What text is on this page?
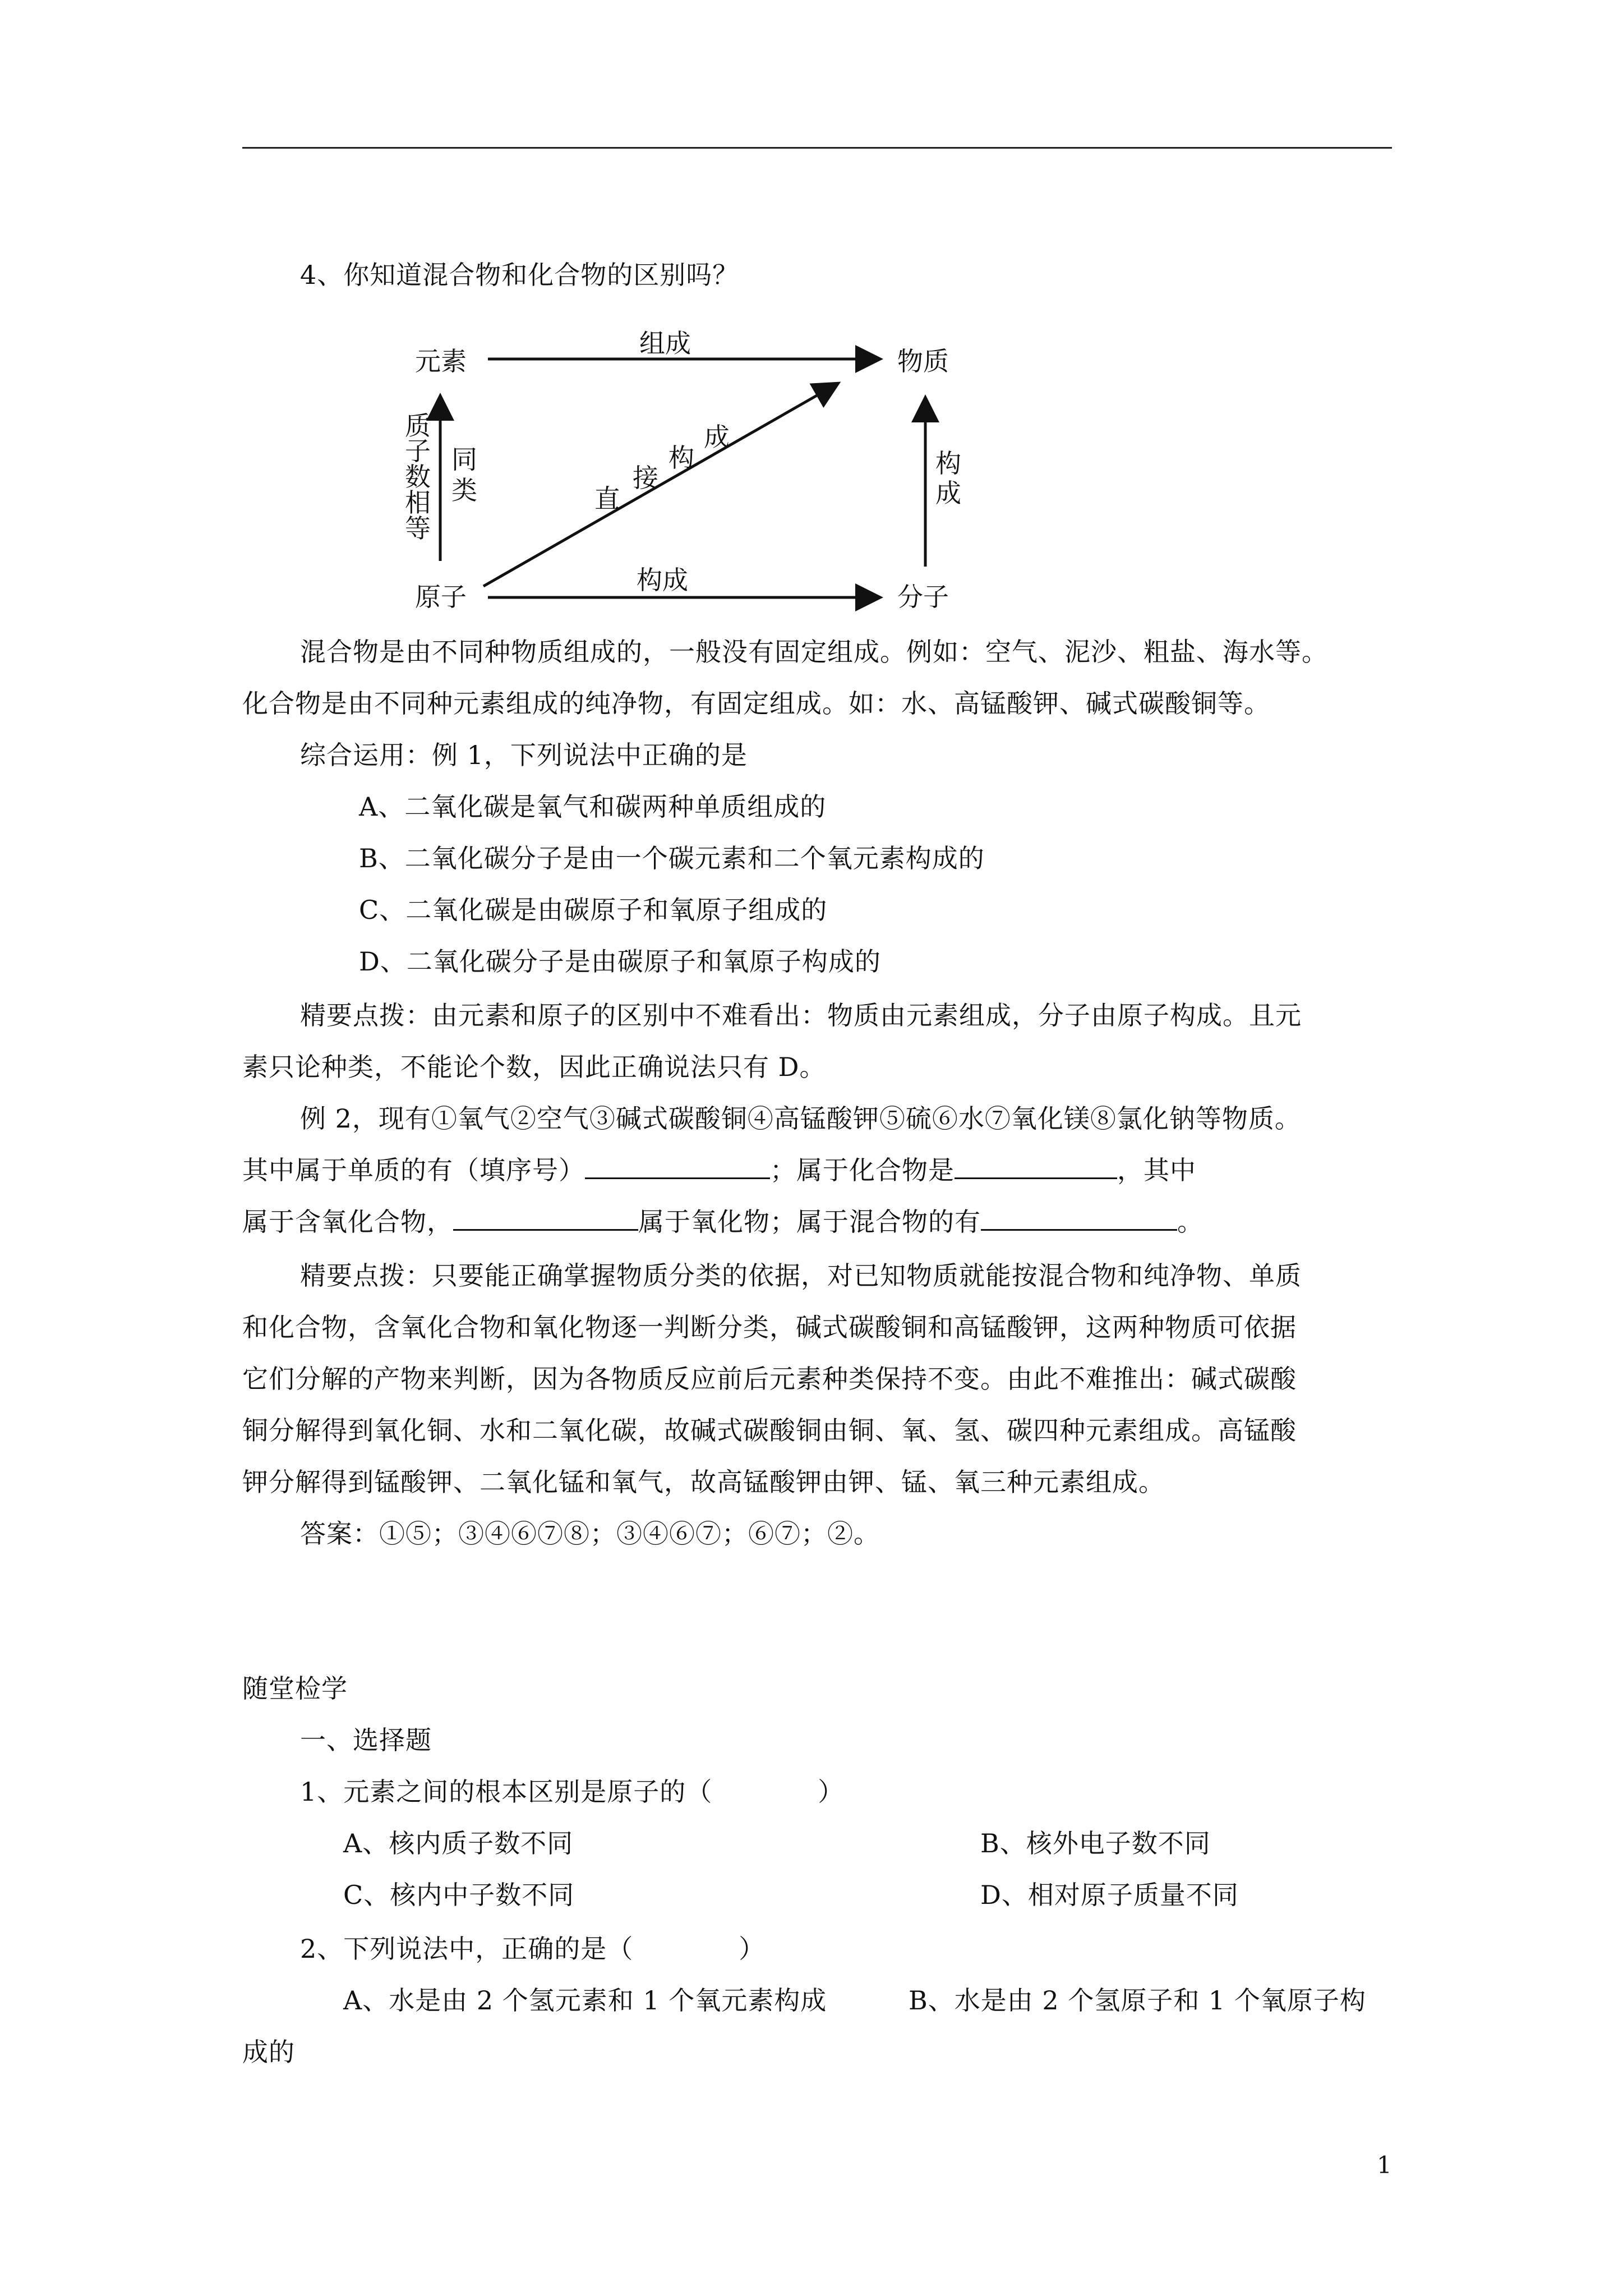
4、你知道混合物和化合物的区别吗？
元素	物质
原子	分子
组成
构成
质
子
数
相
等
同
类
构
成
直
接
构
成
混合物是由不同种物质组成的，一般没有固定组成。例如：空气、泥沙、粗盐、海水等。
化合物是由不同种元素组成的纯净物，有固定组成。如：水、高锰酸钾、碱式碳酸铜等。
综合运用：例 1，下列说法中正确的是
A、二氧化碳是氧气和碳两种单质组成的
B、二氧化碳分子是由一个碳元素和二个氧元素构成的
C、二氧化碳是由碳原子和氧原子组成的
D、二氧化碳分子是由碳原子和氧原子构成的
精要点拨：由元素和原子的区别中不难看出：物质由元素组成，分子由原子构成。且元
素只论种类，不能论个数，因此正确说法只有 D。
例 2，现有①氧气②空气③碱式碳酸铜④高锰酸钾⑤硫⑥水⑦氧化镁⑧氯化钠等物质。
其中属于单质的有（填序号）	；属于化合物是	，其中
属于含氧化合物，	属于氧化物；属于混合物的有	。
精要点拨：只要能正确掌握物质分类的依据，对已知物质就能按混合物和纯净物、单质
和化合物，含氧化合物和氧化物逐一判断分类，碱式碳酸铜和高锰酸钾，这两种物质可依据
它们分解的产物来判断，因为各物质反应前后元素种类保持不变。由此不难推出：碱式碳酸
铜分解得到氧化铜、水和二氧化碳，故碱式碳酸铜由铜、氧、氢、碳四种元素组成。高锰酸
钾分解得到锰酸钾、二氧化锰和氧气，故高锰酸钾由钾、锰、氧三种元素组成。
答案：①⑤；③④⑥⑦⑧；③④⑥⑦；⑥⑦；②。
随堂检学
一、选择题
1、元素之间的根本区别是原子的（　　　　）
A、核内质子数不同	B、核外电子数不同
C、核内中子数不同	D、相对原子质量不同
2、下列说法中，正确的是（　　　　）
A、水是由 2 个氢元素和 1 个氧元素构成	B、水是由 2 个氢原子和 1 个氧原子构
成的
1
